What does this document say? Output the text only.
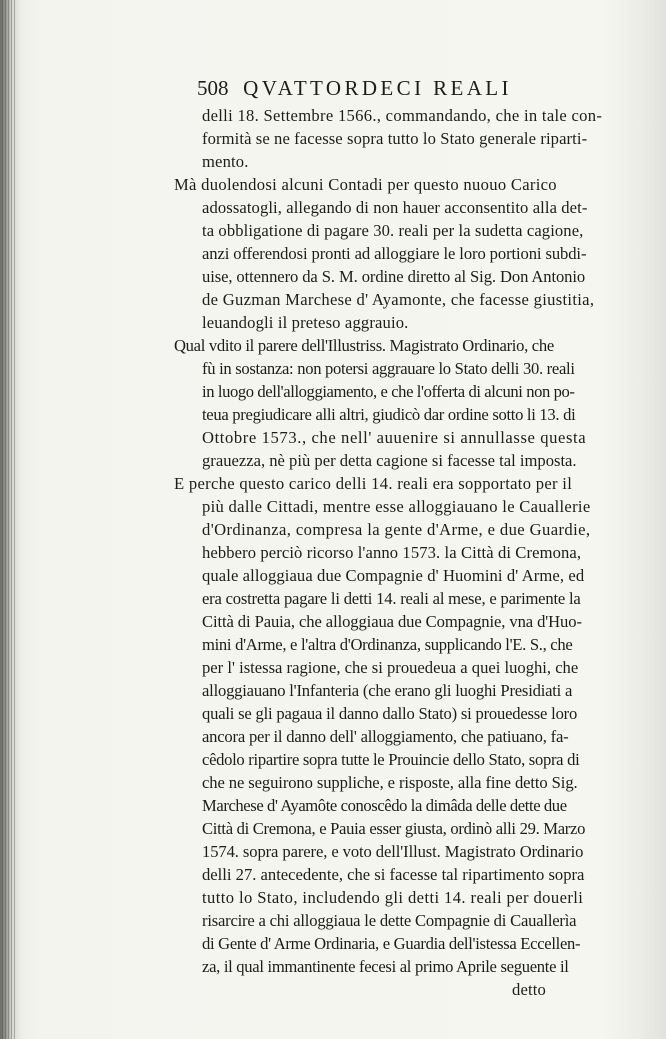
508 QVATTORDECI REALI
delli 18. Settembre 1566., commandando, che in tale con-
formità se ne facesse sopra tutto lo Stato generale riparti-
mento.
Mà duolendosi alcuni Contadi per questo nuouo Carico
adossatogli, allegando di non hauer acconsentito alla det-
ta obbligatione di pagare 30. reali per la sudetta cagione,
anzi offerendosi pronti ad alloggiare le loro portioni subdi-
uise, ottennero da S. M. ordine diretto al Sig. Don Antonio
de Guzman Marchese d' Ayamonte, che facesse giustitia,
leuandogli il preteso aggrauio.
Qual vdito il parere dell'Illustriss. Magistrato Ordinario, che
fù in sostanza: non potersi aggrauare lo Stato delli 30. reali
in luogo dell'alloggiamento, e che l'offerta di alcuni non po-
teua pregiudicare alli altri, giudicò dar ordine sotto li 13. di
Ottobre 1573., che nell' auuenire si annullasse questa
grauezza, nè più per detta cagione si facesse tal imposta.
E perche questo carico delli 14. reali era sopportato per il
più dalle Cittadi, mentre esse alloggiauano le Cauallerie
d'Ordinanza, compresa la gente d'Arme, e due Guardie,
hebbero perciò ricorso l'anno 1573. la Città di Cremona,
quale alloggiaua due Compagnie d' Huomini d' Arme, ed
era costretta pagare li detti 14. reali al mese, e parimente la
Città di Pauia, che alloggiaua due Compagnie, vna d'Huo-
mini d'Arme, e l'altra d'Ordinanza, supplicando l'E. S., che
per l' istessa ragione, che si prouedeua a quei luoghi, che
alloggiauano l'Infanteria (che erano gli luoghi Presidiati a
quali se gli pagaua il danno dallo Stato) si prouedesse loro
ancora per il danno dell' alloggiamento, che patiuano, fa-
cêdolo ripartire sopra tutte le Prouincie dello Stato, sopra di
che ne seguirono suppliche, e risposte, alla fine detto Sig.
Marchese d' Ayamôte conoscêdo la dimâda delle dette due
Città di Cremona, e Pauia esser giusta, ordinò alli 29. Marzo
1574. sopra parere, e voto dell'Illust. Magistrato Ordinario
delli 27. antecedente, che si facesse tal ripartimento sopra
tutto lo Stato, includendo gli detti 14. reali per douerli
risarcire a chi alloggiaua le dette Compagnie di Cauallerìa
di Gente d' Arme Ordinaria, e Guardia dell'istessa Eccellen-
za, il qual immantinente fecesi al primo Aprile seguente il
detto
